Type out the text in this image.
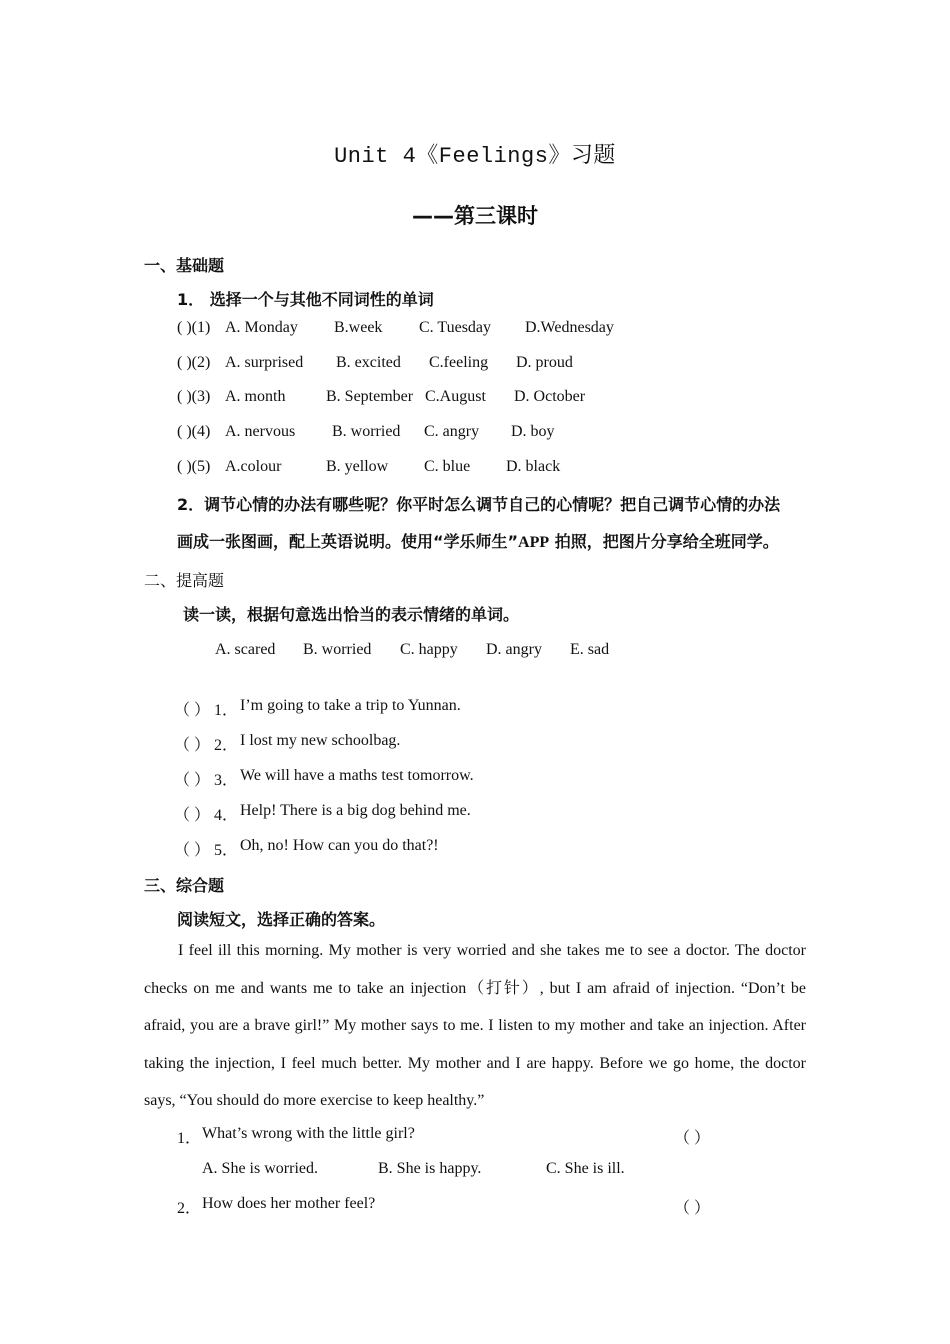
Unit 4《Feelings》习题
——第三课时
一、基础题
1． 选择一个与其他不同词性的单词
( )(1) A. Monday B.week C. Tuesday D.Wednesday
( )(2) A. surprised B. excited C.feeling D. proud
( )(3) A. month	B. September C.August D. October
( )(4) A. nervous B. worried C. angry D. boy
( )(5) A.colour	B. yellow C. blue D. black
2．调节心情的办法有哪些呢？你平时怎么调节自己的心情呢？把自己调节心情的办法
画成一张图画，配上英语说明。使用“学乐师生”APP 拍照，把图片分享给全班同学。
二、提高题
读一读，根据句意选出恰当的表示情绪的单词。
A. scared B. worried C. happy D. angry E. sad
（ ） 1． I’m going to take a trip to Yunnan.
（ ） 2． I lost my new schoolbag.
（ ） 3． We will have a maths test tomorrow.
（ ） 4． Help! There is a big dog behind me.
（ ） 5． Oh, no! How can you do that?!
三、综合题
阅读短文，选择正确的答案。
I feel ill this morning. My mother is very worried and she takes me to see a doctor. The doctor checks on me and wants me to take an injection（打针）, but I am afraid of injection. “Don’t be afraid, you are a brave girl!” My mother says to me. I listen to my mother and take an injection. After taking the injection, I feel much better. My mother and I are happy. Before we go home, the doctor says, “You should do more exercise to keep healthy.”
1． What’s wrong with the little girl?	（ ）
A. She is worried.	B. She is happy.	C. She is ill.
2． How does her mother feel?	（ ）
